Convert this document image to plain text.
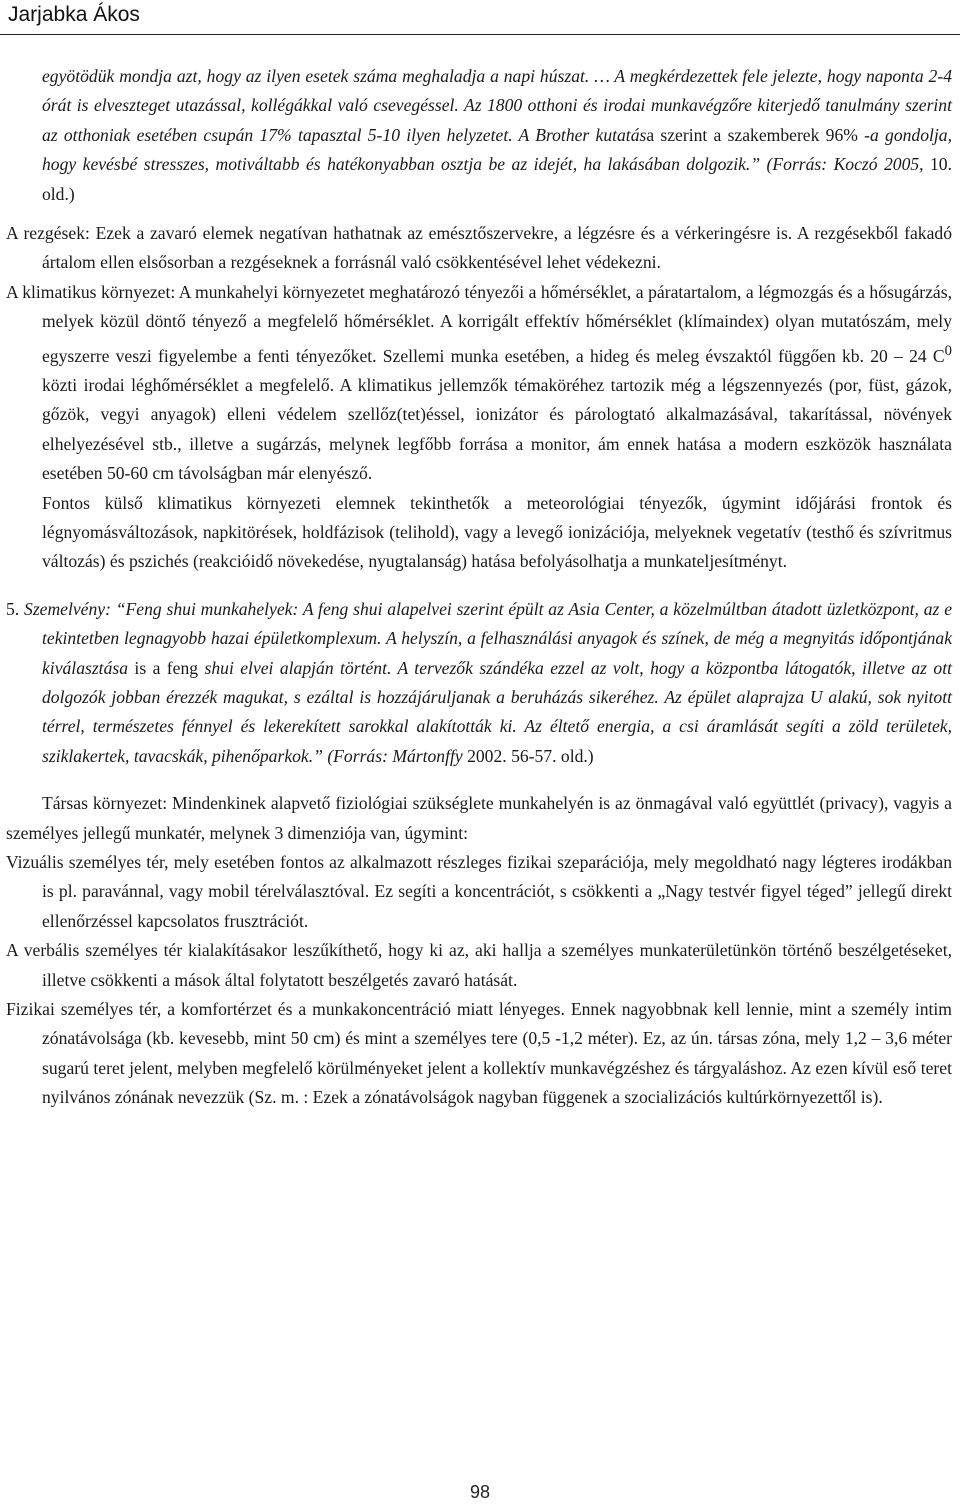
Jarjabka Ákos

egyötödük mondja azt, hogy az ilyen esetek száma meghaladja a napi húszat. … A megkérdezettek fele jelezte, hogy naponta 2-4 órát is elveszteget utazással, kollégákkal való csevegéssel. Az 1800 otthoni és irodai munkavégzőre kiterjedő tanulmány szerint az otthoniak esetében csupán 17% tapasztal 5-10 ilyen helyzetet. A Brother kutatása szerint a szakemberek 96% -a gondolja, hogy kevésbé stresszes, motiváltabb és hatékonyabban osztja be az idejét, ha lakásában dolgozik.” (Forrás: Koczó 2005, 10. old.)

A rezgések: Ezek a zavaró elemek negatívan hathatnak az emésztőszervekre, a légzésre és a vérkeringésre is. A rezgésekből fakadó ártalom ellen elsősorban a rezgéseknek a forrásnál való csökkentésével lehet védekezni.

A klimatikus környezet: A munkahelyi környezetet meghatározó tényezői a hőmérséklet, a páratartalom, a légmozgás és a hősugárzás, melyek közül döntő tényező a megfelelő hőmérséklet. A korrigált effektív hőmérséklet (klímaindex) olyan mutatószám, mely egyszerre veszi figyelembe a fenti tényezőket. Szellemi munka esetében, a hideg és meleg évszaktól függően kb. 20 – 24 $C^0$ közti irodai léghőmérséklet a megfelelő. A klimatikus jellemzők témaköréhez tartozik még a légszennyezés (por, füst, gázok, gőzök, vegyi anyagok) elleni védelem szellőz(tet)éssel, ionizátor és párologtató alkalmazásával, takarítással, növények elhelyezésével stb., illetve a sugárzás, melynek legfőbb forrása a monitor, ám ennek hatása a modern eszközök használata esetében 50-60 cm távolságban már elenyésző.

Fontos külső klimatikus környezeti elemnek tekinthetők a meteorológiai tényezők, úgymint időjárási frontok és légnyomásváltozások, napkitörések, holdfázisok (telihold), vagy a levegő ionizációja, melyeknek vegetatív (testhő és szívritmus változás) és pszichés (reakcióidő növekedése, nyugtalanság) hatása befolyásolhatja a munkateljesítményt.

5. Szemelvény: “Feng shui munkahelyek: A feng shui alapelvei szerint épült az Asia Center, a közelmúltban átadott üzletközpont, az e tekintetben legnagyobb hazai épületkomplexum. A helyszín, a felhasználási anyagok és színek, de még a megnyitás időpontjának kiválasztása is a feng shui elvei alapján történt. A tervezők szándéka ezzel az volt, hogy a központba látogatók, illetve az ott dolgozók jobban érezzék magukat, s ezáltal is hozzájáruljanak a beruházás sikeréhez. Az épület alaprajza U alakú, sok nyitott térrel, természetes fénnyel és lekerekített sarokkal alakították ki. Az éltető energia, a csi áramlását segíti a zöld területek, sziklakertek, tavacskák, pihenőparkok.” (Forrás: Mártonffy 2002. 56-57. old.)

Társas környezet: Mindenkinek alapvető fiziológiai szükséglete munkahelyén is az önmagával való együttlét (privacy), vagyis a személyes jellegű munkatér, melynek 3 dimenziója van, úgymint:

Vizuális személyes tér, mely esetében fontos az alkalmazott részleges fizikai szeparációja, mely megoldható nagy légteres irodákban is pl. paravánnal, vagy mobil térelválasztóval. Ez segíti a koncentrációt, s csökkenti a „Nagy testvér figyel téged” jellegű direkt ellenőrzéssel kapcsolatos frusztrációt.

A verbális személyes tér kialakításakor leszűkíthető, hogy ki az, aki hallja a személyes munkaterületünkön történő beszélgetéseket, illetve csökkenti a mások által folytatott beszélgetés zavaró hatását.

Fizikai személyes tér, a komfortérzet és a munkakoncentráció miatt lényeges. Ennek nagyobbnak kell lennie, mint a személy intim zónatávolsága (kb. kevesebb, mint 50 cm) és mint a személyes tere (0,5 -1,2 méter). Ez, az ún. társas zóna, mely 1,2 – 3,6 méter sugarú teret jelent, melyben megfelelő körülményeket jelent a kollektív munkavégzéshez és tárgyaláshoz. Az ezen kívül eső teret nyilvános zónának nevezzük (Sz. m. : Ezek a zónatávolságok nagyban függenek a szocializációs kultúrkörnyezettől is).

98
